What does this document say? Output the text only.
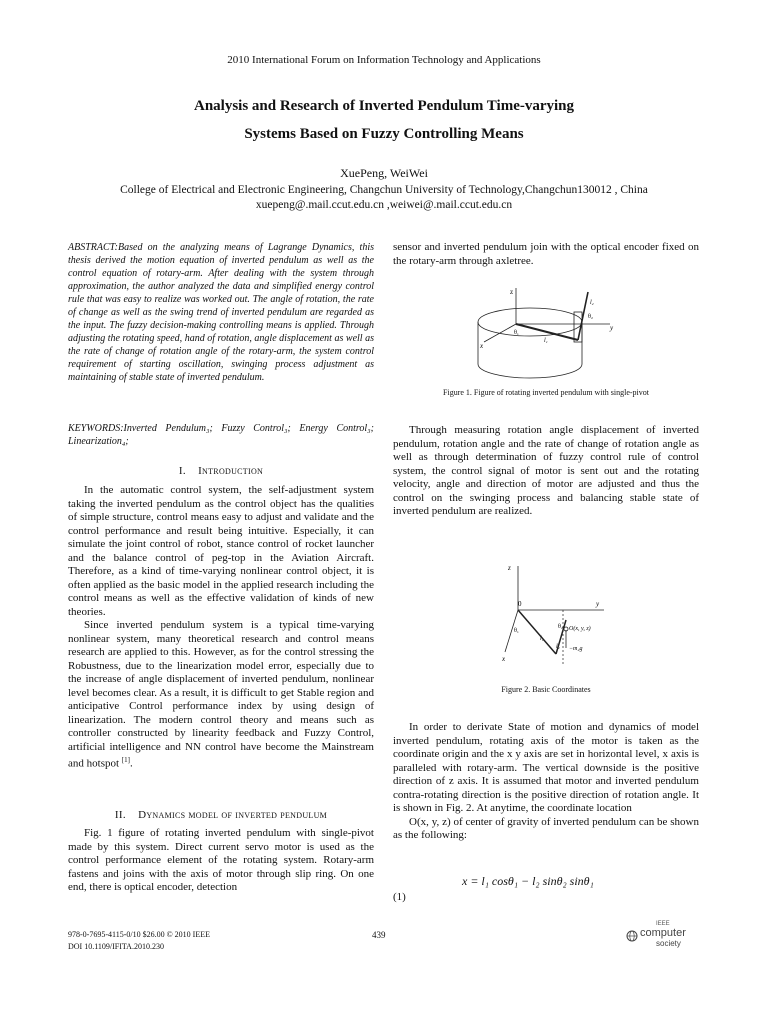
2010 International Forum on Information Technology and Applications
Analysis and Research of Inverted Pendulum Time-varying
Systems Based on Fuzzy Controlling Means
XuePeng, WeiWei
College of Electrical and Electronic Engineering, Changchun University of Technology,Changchun130012 , China
xuepeng@.mail.ccut.edu.cn ,weiwei@.mail.ccut.edu.cn
ABSTRACT:Based on the analyzing means of Lagrange Dynamics, this thesis derived the motion equation of inverted pendulum as well as the control equation of rotary-arm. After dealing with the system through approximation, the author analyzed the data and simplified energy control rule that was easy to realize was worked out. The angle of rotation, the rate of change as well as the swing trend of inverted pendulum are regarded as the input. The fuzzy decision-making controlling means is applied. Through adjusting the rotating speed, hand of rotation, angle displacement as well as the rate of change of rotation angle of the rotary-arm, the system control requirement of starting oscillation, swinging process adjustment as maintaining of stable state of inverted pendulum.
KEYWORDS:Inverted Pendulum₃; Fuzzy Control₃; Energy Control₃; Linearization₄;
I. Introduction

In the automatic control system, the self-adjustment system taking the inverted pendulum as the control object has the qualities of simple structure, control means easy to adjust and validate and the control performance and result being intuitive. Especially, it can simulate the joint control of robot, stance control of rocket launcher and the balance control of peg-top in the Aviation Aircraft. Therefore, as a kind of time-varying nonlinear control object, it is often applied as the basic model in the applied research including the control means as well as the effective validation of kinds of new theories.

Since inverted pendulum system is a typical time-varying nonlinear system, many theoretical research and control means research are applied to this. However, as for the control stressing the Robustness, due to the linearization model error, especially due to the increase of angle displacement of inverted pendulum, nonlinear level becomes clear. As a result, it is difficult to get Stable region and anticipative Control performance index by using design of linearization. The modern control theory and means such as controller constructed by linearity feedback and Fuzzy Control, artificial intelligence and NN control have become the Mainstream and hotspot [1].

II. Dynamics model of inverted pendulum

Fig. 1 figure of rotating inverted pendulum with single-pivot made by this system. Direct current servo motor is used as the control performance element of the rotating system. Rotary-arm fastens and joins with the axis of motor through slip ring. On one end, there is optical encoder, detection

sensor and inverted pendulum join with the optical encoder fixed on the rotary-arm through axletree.
z
y
x
θ₁
θ₂
l₁
l₂
Figure 1. Figure of rotating inverted pendulum with single-pivot

Through measuring rotation angle displacement of inverted pendulum, rotation angle and the rate of change of rotation angle as well as through determination of fuzzy control rule of control system, the control signal of motor is sent out and the rotating velocity, angle and direction of motor are adjusted and thus the control on the swinging process and balancing stable state of inverted pendulum are realized.

z
y
x
0
θ₁
θ₂
l₁
l₂
O(x, y, z)
−m₂g
Figure 2. Basic Coordinates

In order to derivate State of motion and dynamics of model inverted pendulum, rotating axis of the motor is taken as the coordinate origin and the x y axis are set in horizontal level, x axis is paralleled with rotary-arm. The vertical downside is the positive direction of z axis. It is assumed that motor and inverted pendulum contra-rotating direction is the positive direction of rotation angle. It is shown in Fig. 2. At anytime, the coordinate location

O(x, y, z) of center of gravity of inverted pendulum can be shown as the following:

x = l₁ cosθ₁ − l₂ sinθ₂ sinθ₁
(1)
978-0-7695-4115-0/10 $26.00 © 2010 IEEE
DOI 10.1109/IFITA.2010.230
439
IEEE
computer
society
